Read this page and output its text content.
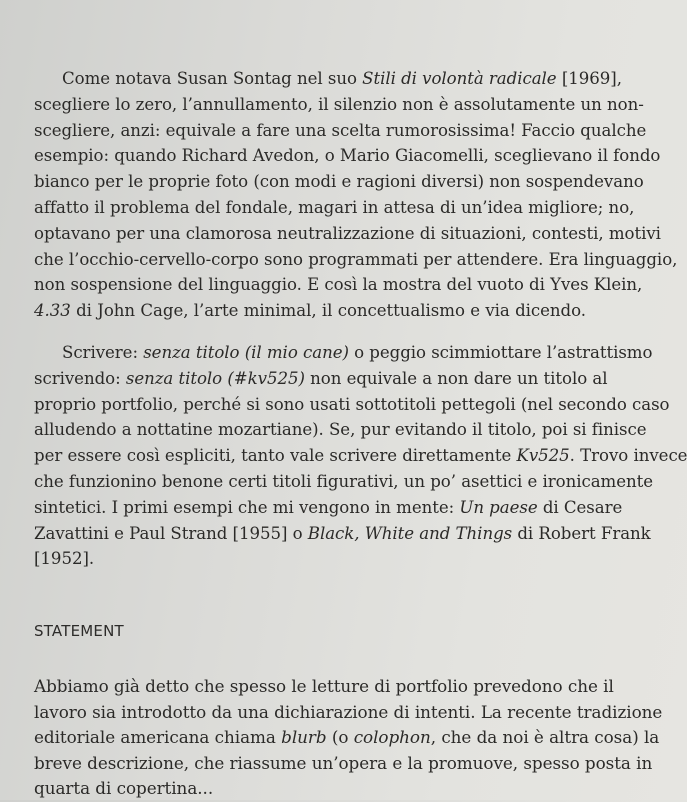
Come notava Susan Sontag nel suo Stili di volontà radicale [1969],
scegliere lo zero, l’annullamento, il silenzio non è assolutamente un non-
scegliere, anzi: equivale a fare una scelta rumorosissima! Faccio qualche
esempio: quando Richard Avedon, o Mario Giacomelli, sceglievano il fondo
bianco per le proprie foto (con modi e ragioni diversi) non sospendevano
affatto il problema del fondale, magari in attesa di un’idea migliore; no,
optavano per una clamorosa neutralizzazione di situazioni, contesti, motivi
che l’occhio-cervello-corpo sono programmati per attendere. Era linguaggio,
non sospensione del linguaggio. E così la mostra del vuoto di Yves Klein,
4.33 di John Cage, l’arte minimal, il concettualismo e via dicendo.
Scrivere: senza titolo (il mio cane) o peggio scimmiottare l’astrattismo
scrivendo: senza titolo (#kv525) non equivale a non dare un titolo al
proprio portfolio, perché si sono usati sottotitoli pettegoli (nel secondo caso
alludendo a nottatine mozartiane). Se, pur evitando il titolo, poi si finisce
per essere così espliciti, tanto vale scrivere direttamente Kv525. Trovo invece
che funzionino benone certi titoli figurativi, un po’ asettici e ironicamente
sintetici. I primi esempi che mi vengono in mente: Un paese di Cesare
Zavattini e Paul Strand [1955] o Black, White and Things di Robert Frank
[1952].
STATEMENT
Abbiamo già detto che spesso le letture di portfolio prevedono che il
lavoro sia introdotto da una dichiarazione di intenti. La recente tradizione
editoriale americana chiama blurb (o colophon, che da noi è altra cosa) la
breve descrizione, che riassume un’opera e la promuove, spesso posta in
quarta di copertina...
